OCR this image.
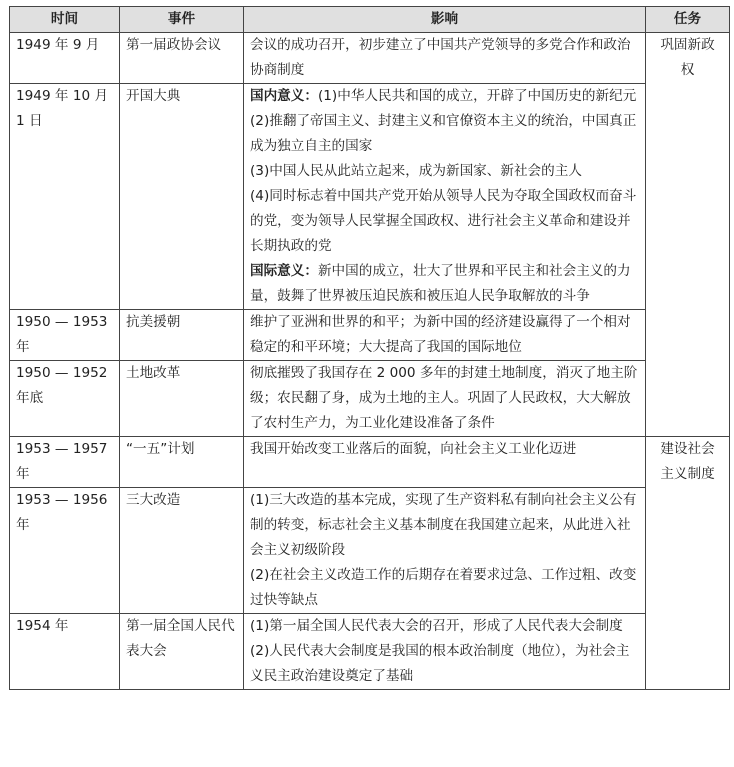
时间	事件	影响	任务
1949 年 9 月	第一届政协会议	会议的成功召开，初步建立了中国共产党领导的多党合作和政治协商制度	巩固新政权
1949 年 10 月 1 日	开国大典	国内意义：(1)中华人民共和国的成立，开辟了中国历史的新纪元
(2)推翻了帝国主义、封建主义和官僚资本主义的统治，中国真正成为独立自主的国家
(3)中国人民从此站立起来，成为新国家、新社会的主人
(4)同时标志着中国共产党开始从领导人民为夺取全国政权而奋斗的党，变为领导人民掌握全国政权、进行社会主义革命和建设并长期执政的党
国际意义：新中国的成立，壮大了世界和平民主和社会主义的力量，鼓舞了世界被压迫民族和被压迫人民争取解放的斗争	

1950 — 1953 年	抗美援朝	维护了亚洲和世界的和平；为新中国的经济建设赢得了一个相对稳定的和平环境；大大提高了我国的国际地位	

1950 — 1952 年底	土地改革	彻底摧毁了我国存在 2 000 多年的封建土地制度，消灭了地主阶级；农民翻了身，成为土地的主人。巩固了人民政权，大大解放了农村生产力，为工业化建设准备了条件	

1953 — 1957 年	“一五”计划	我国开始改变工业落后的面貌，向社会主义工业化迈进	建设社会主义制度
1953 — 1956 年	三大改造	(1)三大改造的基本完成，实现了生产资料私有制向社会主义公有制的转变，标志社会主义基本制度在我国建立起来，从此进入社会主义初级阶段
(2)在社会主义改造工作的后期存在着要求过急、工作过粗、改变过快等缺点	

1954 年	第一届全国人民代表大会	(1)第一届全国人民代表大会的召开，形成了人民代表大会制度
(2)人民代表大会制度是我国的根本政治制度（地位），为社会主义民主政治建设奠定了基础	
